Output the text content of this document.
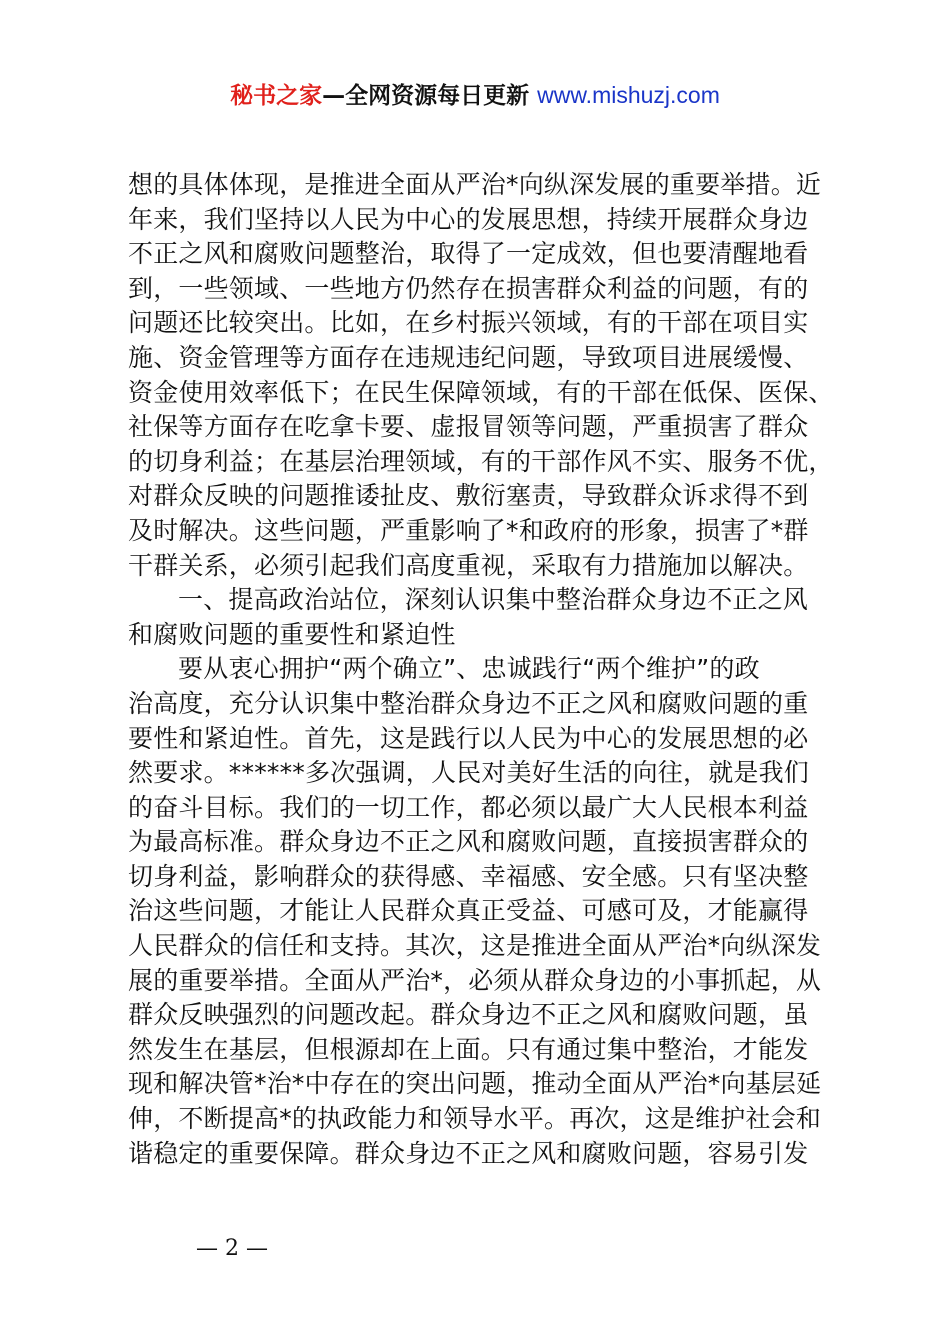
秘书之家—全网资源每日更新 www.mishuzj.com
想的具体体现，是推进全面从严治*向纵深发展的重要举措。近
年来，我们坚持以人民为中心的发展思想，持续开展群众身边
不正之风和腐败问题整治，取得了一定成效，但也要清醒地看
到，一些领域、一些地方仍然存在损害群众利益的问题，有的
问题还比较突出。比如，在乡村振兴领域，有的干部在项目实
施、资金管理等方面存在违规违纪问题，导致项目进展缓慢、
资金使用效率低下；在民生保障领域，有的干部在低保、医保、
社保等方面存在吃拿卡要、虚报冒领等问题，严重损害了群众
的切身利益；在基层治理领域，有的干部作风不实、服务不优，
对群众反映的问题推诿扯皮、敷衍塞责，导致群众诉求得不到
及时解决。这些问题，严重影响了*和政府的形象，损害了*群
干群关系，必须引起我们高度重视，采取有力措施加以解决。
一、提高政治站位，深刻认识集中整治群众身边不正之风
和腐败问题的重要性和紧迫性
要从衷心拥护“两个确立”、忠诚践行“两个维护”的政
治高度，充分认识集中整治群众身边不正之风和腐败问题的重
要性和紧迫性。首先，这是践行以人民为中心的发展思想的必
然要求。******多次强调，人民对美好生活的向往，就是我们
的奋斗目标。我们的一切工作，都必须以最广大人民根本利益
为最高标准。群众身边不正之风和腐败问题，直接损害群众的
切身利益，影响群众的获得感、幸福感、安全感。只有坚决整
治这些问题，才能让人民群众真正受益、可感可及，才能赢得
人民群众的信任和支持。其次，这是推进全面从严治*向纵深发
展的重要举措。全面从严治*，必须从群众身边的小事抓起，从
群众反映强烈的问题改起。群众身边不正之风和腐败问题，虽
然发生在基层，但根源却在上面。只有通过集中整治，才能发
现和解决管*治*中存在的突出问题，推动全面从严治*向基层延
伸，不断提高*的执政能力和领导水平。再次，这是维护社会和
谐稳定的重要保障。群众身边不正之风和腐败问题，容易引发
— 2 —
